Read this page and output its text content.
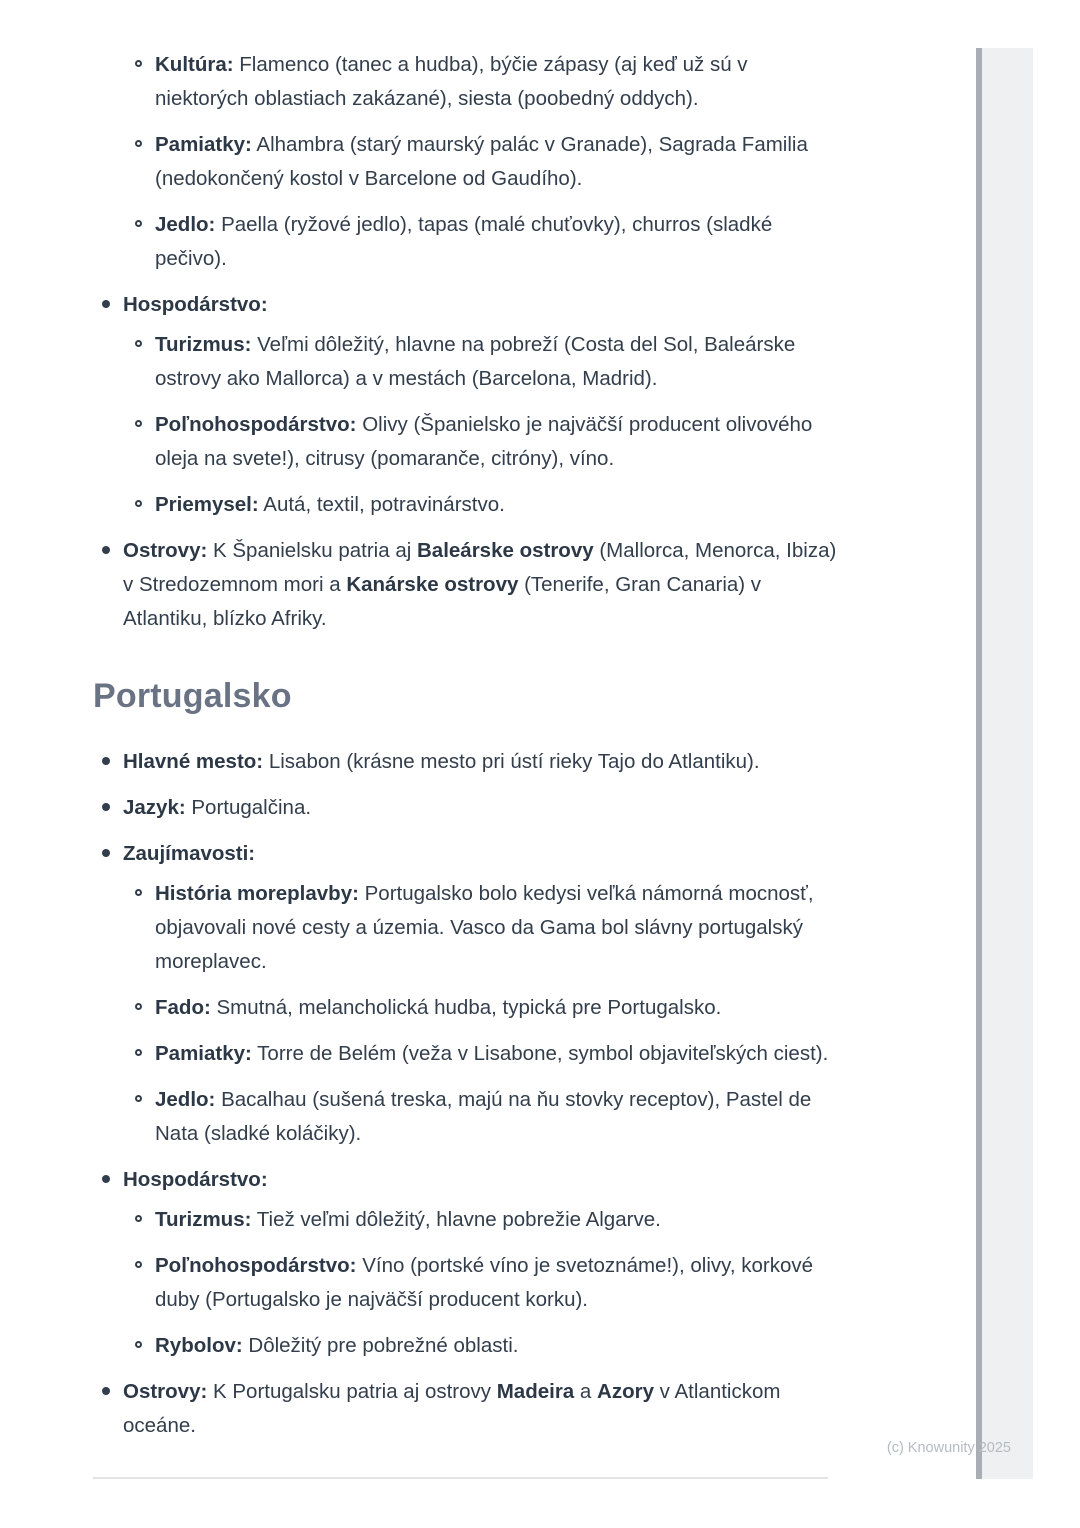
Kultúra: Flamenco (tanec a hudba), býčie zápasy (aj keď už sú v niektorých oblastiach zakázané), siesta (poobedný oddych).
Pamiatky: Alhambra (starý maurský palác v Granade), Sagrada Familia (nedokončený kostol v Barcelone od Gaudího).
Jedlo: Paella (ryžové jedlo), tapas (malé chuťovky), churros (sladké pečivo).
Hospodárstvo:
Turizmus: Veľmi dôležitý, hlavne na pobreží (Costa del Sol, Baleárske ostrovy ako Mallorca) a v mestách (Barcelona, Madrid).
Poľnohospodárstvo: Olivy (Španielsko je najväčší producent olivového oleja na svete!), citrusy (pomaranče, citróny), víno.
Priemysel: Autá, textil, potravinárstvo.
Ostrovy: K Španielsku patria aj Baleárske ostrovy (Mallorca, Menorca, Ibiza) v Stredozemnom mori a Kanárske ostrovy (Tenerife, Gran Canaria) v Atlantiku, blízko Afriky.
Portugalsko
Hlavné mesto: Lisabon (krásne mesto pri ústí rieky Tajo do Atlantiku).
Jazyk: Portugalčina.
Zaujímavosti:
História moreplavby: Portugalsko bolo kedysi veľká námorná mocnosť, objavovali nové cesty a územia. Vasco da Gama bol slávny portugalský moreplavec.
Fado: Smutná, melancholická hudba, typická pre Portugalsko.
Pamiatky: Torre de Belém (veža v Lisabone, symbol objaviteľských ciest).
Jedlo: Bacalhau (sušená treska, majú na ňu stovky receptov), Pastel de Nata (sladké koláčiky).
Hospodárstvo:
Turizmus: Tiež veľmi dôležitý, hlavne pobrežie Algarve.
Poľnohospodárstvo: Víno (portské víno je svetoznáme!), olivy, korkové duby (Portugalsko je najväčší producent korku).
Rybolov: Dôležitý pre pobrežné oblasti.
Ostrovy: K Portugalsku patria aj ostrovy Madeira a Azory v Atlantickom oceáne.
(c) Knowunity 2025
